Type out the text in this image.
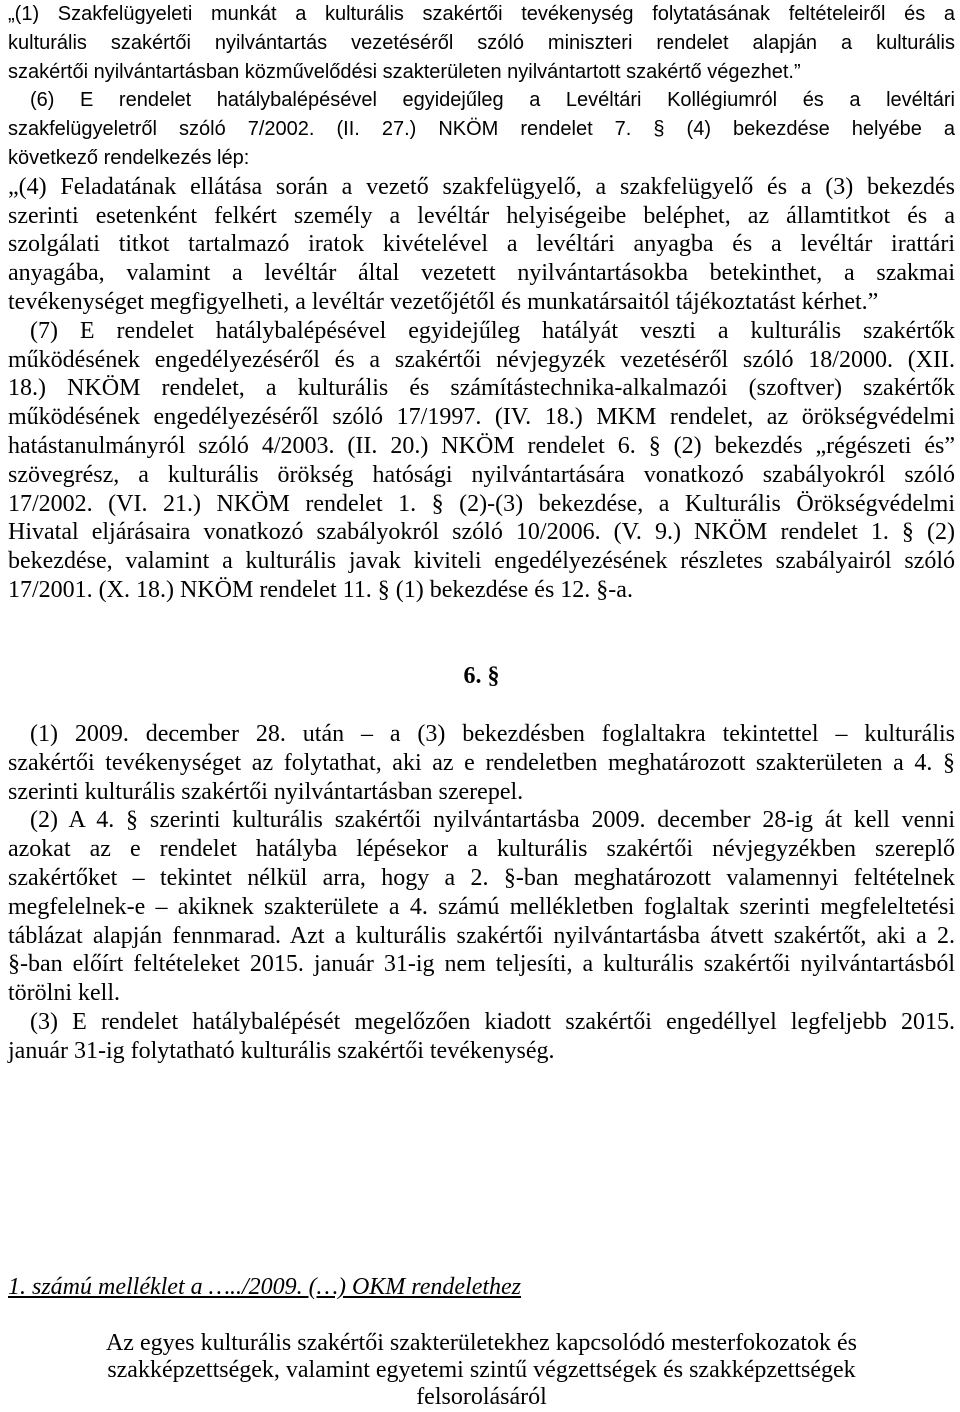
„(1) Szakfelügyeleti munkát a kulturális szakértői tevékenység folytatásának feltételeiről és a
kulturális szakértői nyilvántartás vezetéséről szóló miniszteri rendelet alapján a kulturális
szakértői nyilvántartásban közművelődési szakterületen nyilvántartott szakértő végezhet.”
(6) E rendelet hatálybalépésével egyidejűleg a Levéltári Kollégiumról és a levéltári
szakfelügyeletről szóló 7/2002. (II. 27.) NKÖM rendelet 7. § (4) bekezdése helyébe a
következő rendelkezés lép:
„(4) Feladatának ellátása során a vezető szakfelügyelő, a szakfelügyelő és a (3) bekezdés
szerinti esetenként felkért személy a levéltár helyiségeibe beléphet, az államtitkot és a
szolgálati titkot tartalmazó iratok kivételével a levéltári anyagba és a levéltár irattári
anyagába, valamint a levéltár által vezetett nyilvántartásokba betekinthet, a szakmai
tevékenységet megfigyelheti, a levéltár vezetőjétől és munkatársaitól tájékoztatást kérhet.”
(7) E rendelet hatálybalépésével egyidejűleg hatályát veszti a kulturális szakértők
működésének engedélyezéséről és a szakértői névjegyzék vezetéséről szóló 18/2000. (XII.
18.) NKÖM rendelet, a kulturális és számítástechnika-alkalmazói (szoftver) szakértők
működésének engedélyezéséről szóló 17/1997. (IV. 18.) MKM rendelet, az örökségvédelmi
hatástanulmányról szóló 4/2003. (II. 20.) NKÖM rendelet 6. § (2) bekezdés „régészeti és”
szövegrész, a kulturális örökség hatósági nyilvántartására vonatkozó szabályokról szóló
17/2002. (VI. 21.) NKÖM rendelet 1. § (2)-(3) bekezdése, a Kulturális Örökségvédelmi
Hivatal eljárásaira vonatkozó szabályokról szóló 10/2006. (V. 9.) NKÖM rendelet 1. § (2)
bekezdése, valamint a kulturális javak kiviteli engedélyezésének részletes szabályairól szóló
17/2001. (X. 18.) NKÖM rendelet 11. § (1) bekezdése és 12. §-a.
6. §
(1) 2009. december 28. után – a (3) bekezdésben foglaltakra tekintettel – kulturális
szakértői tevékenységet az folytathat, aki az e rendeletben meghatározott szakterületen a 4. §
szerinti kulturális szakértői nyilvántartásban szerepel.
(2) A 4. § szerinti kulturális szakértői nyilvántartásba 2009. december 28-ig át kell venni
azokat az e rendelet hatályba lépésekor a kulturális szakértői névjegyzékben szereplő
szakértőket – tekintet nélkül arra, hogy a 2. §-ban meghatározott valamennyi feltételnek
megfelelnek-e – akiknek szakterülete a 4. számú mellékletben foglaltak szerinti megfeleltetési
táblázat alapján fennmarad. Azt a kulturális szakértői nyilvántartásba átvett szakértőt, aki a 2.
§-ban előírt feltételeket 2015. január 31-ig nem teljesíti, a kulturális szakértői nyilvántartásból
törölni kell.
(3) E rendelet hatálybalépését megelőzően kiadott szakértői engedéllyel legfeljebb 2015.
január 31-ig folytatható kulturális szakértői tevékenység.
1. számú melléklet a …../2009. (…) OKM rendelethez
Az egyes kulturális szakértői szakterületekhez kapcsolódó mesterfokozatok és
szakképzettségek, valamint egyetemi szintű végzettségek és szakképzettségek
felsorolásáról
